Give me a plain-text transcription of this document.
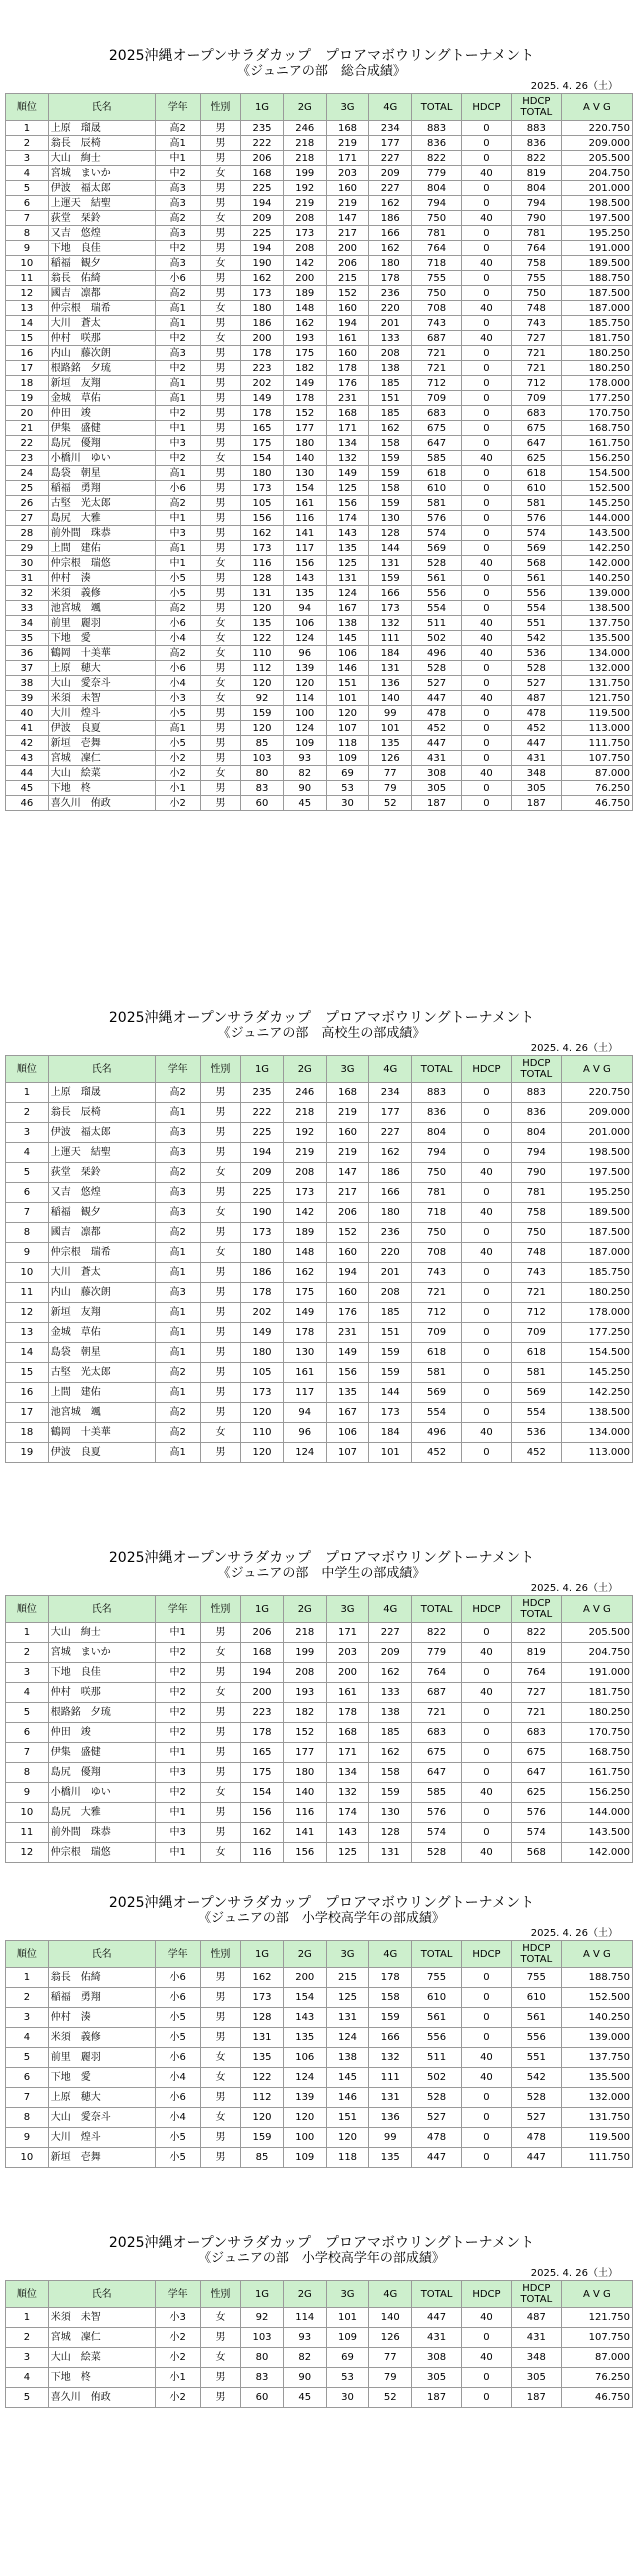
2025沖縄オープンサラダカップ　プロアマボウリングトーナメント
《ジュニアの部　総合成績》
2025. 4. 26（土）
順位	氏名	学年	性別	1G	2G	3G	4G	TOTAL	HDCP	HDCP TOTAL	A V G
1	上原　瑠晟	高2	男	235	246	168	234	883	0	883	220.750
2	翁長　辰椅	高1	男	222	218	219	177	836	0	836	209.000
3	大山　絢士	中1	男	206	218	171	227	822	0	822	205.500
4	宮城　まいか	中2	女	168	199	203	209	779	40	819	204.750
5	伊波　福太郎	高3	男	225	192	160	227	804	0	804	201.000
6	上運天　結聖	高3	男	194	219	219	162	794	0	794	198.500
7	荻堂　栞鈴	高2	女	209	208	147	186	750	40	790	197.500
8	又吉　悠煌	高3	男	225	173	217	166	781	0	781	195.250
9	下地　良佳	中2	男	194	208	200	162	764	0	764	191.000
10	稲福　観夕	高3	女	190	142	206	180	718	40	758	189.500
11	翁長　佑綺	小6	男	162	200	215	178	755	0	755	188.750
12	國吉　凛都	高2	男	173	189	152	236	750	0	750	187.500
13	仲宗根　瑞希	高1	女	180	148	160	220	708	40	748	187.000
14	大川　蒼太	高1	男	186	162	194	201	743	0	743	185.750
15	仲村　咲那	中2	女	200	193	161	133	687	40	727	181.750
16	内山　藤次朗	高3	男	178	175	160	208	721	0	721	180.250
17	根路銘　夕琉	中2	男	223	182	178	138	721	0	721	180.250
18	新垣　友翔	高1	男	202	149	176	185	712	0	712	178.000
19	金城　草佑	高1	男	149	178	231	151	709	0	709	177.250
20	仲田　竣	中2	男	178	152	168	185	683	0	683	170.750
21	伊集　盛健	中1	男	165	177	171	162	675	0	675	168.750
22	島尻　優翔	中3	男	175	180	134	158	647	0	647	161.750
23	小橋川　ゆい	中2	女	154	140	132	159	585	40	625	156.250
24	島袋　朝星	高1	男	180	130	149	159	618	0	618	154.500
25	稲福　勇翔	小6	男	173	154	125	158	610	0	610	152.500
26	古堅　光太郎	高2	男	105	161	156	159	581	0	581	145.250
27	島尻　大雅	中1	男	156	116	174	130	576	0	576	144.000
28	前外間　珠恭	中3	男	162	141	143	128	574	0	574	143.500
29	上間　建佑	高1	男	173	117	135	144	569	0	569	142.250
30	仲宗根　瑞悠	中1	女	116	156	125	131	528	40	568	142.000
31	仲村　湊	小5	男	128	143	131	159	561	0	561	140.250
32	米須　義修	小5	男	131	135	124	166	556	0	556	139.000
33	池宮城　颯	高2	男	120	94	167	173	554	0	554	138.500
34	前里　麗羽	小6	女	135	106	138	132	511	40	551	137.750
35	下地　愛	小4	女	122	124	145	111	502	40	542	135.500
36	鶴岡　十美華	高2	女	110	96	106	184	496	40	536	134.000
37	上原　穂大	小6	男	112	139	146	131	528	0	528	132.000
38	大山　愛奈斗	小4	女	120	120	151	136	527	0	527	131.750
39	米須　未智	小3	女	92	114	101	140	447	40	487	121.750
40	大川　煌斗	小5	男	159	100	120	99	478	0	478	119.500
41	伊波　良夏	高1	男	120	124	107	101	452	0	452	113.000
42	新垣　壱舞	小5	男	85	109	118	135	447	0	447	111.750
43	宮城　凜仁	小2	男	103	93	109	126	431	0	431	107.750
44	大山　絵菜	小2	女	80	82	69	77	308	40	348	87.000
45	下地　柊	小1	男	83	90	53	79	305	0	305	76.250
46	喜久川　侑政	小2	男	60	45	30	52	187	0	187	46.750
2025沖縄オープンサラダカップ　プロアマボウリングトーナメント
《ジュニアの部　高校生の部成績》
2025. 4. 26（土）
順位	氏名	学年	性別	1G	2G	3G	4G	TOTAL	HDCP	HDCP TOTAL	A V G
1	上原　瑠晟	高2	男	235	246	168	234	883	0	883	220.750
2	翁長　辰椅	高1	男	222	218	219	177	836	0	836	209.000
3	伊波　福太郎	高3	男	225	192	160	227	804	0	804	201.000
4	上運天　結聖	高3	男	194	219	219	162	794	0	794	198.500
5	荻堂　栞鈴	高2	女	209	208	147	186	750	40	790	197.500
6	又吉　悠煌	高3	男	225	173	217	166	781	0	781	195.250
7	稲福　観夕	高3	女	190	142	206	180	718	40	758	189.500
8	國吉　凛都	高2	男	173	189	152	236	750	0	750	187.500
9	仲宗根　瑞希	高1	女	180	148	160	220	708	40	748	187.000
10	大川　蒼太	高1	男	186	162	194	201	743	0	743	185.750
11	内山　藤次朗	高3	男	178	175	160	208	721	0	721	180.250
12	新垣　友翔	高1	男	202	149	176	185	712	0	712	178.000
13	金城　草佑	高1	男	149	178	231	151	709	0	709	177.250
14	島袋　朝星	高1	男	180	130	149	159	618	0	618	154.500
15	古堅　光太郎	高2	男	105	161	156	159	581	0	581	145.250
16	上間　建佑	高1	男	173	117	135	144	569	0	569	142.250
17	池宮城　颯	高2	男	120	94	167	173	554	0	554	138.500
18	鶴岡　十美華	高2	女	110	96	106	184	496	40	536	134.000
19	伊波　良夏	高1	男	120	124	107	101	452	0	452	113.000
2025沖縄オープンサラダカップ　プロアマボウリングトーナメント
《ジュニアの部　中学生の部成績》
2025. 4. 26（土）
順位	氏名	学年	性別	1G	2G	3G	4G	TOTAL	HDCP	HDCP TOTAL	A V G
1	大山　絢士	中1	男	206	218	171	227	822	0	822	205.500
2	宮城　まいか	中2	女	168	199	203	209	779	40	819	204.750
3	下地　良佳	中2	男	194	208	200	162	764	0	764	191.000
4	仲村　咲那	中2	女	200	193	161	133	687	40	727	181.750
5	根路銘　夕琉	中2	男	223	182	178	138	721	0	721	180.250
6	仲田　竣	中2	男	178	152	168	185	683	0	683	170.750
7	伊集　盛健	中1	男	165	177	171	162	675	0	675	168.750
8	島尻　優翔	中3	男	175	180	134	158	647	0	647	161.750
9	小橋川　ゆい	中2	女	154	140	132	159	585	40	625	156.250
10	島尻　大雅	中1	男	156	116	174	130	576	0	576	144.000
11	前外間　珠恭	中3	男	162	141	143	128	574	0	574	143.500
12	仲宗根　瑞悠	中1	女	116	156	125	131	528	40	568	142.000
2025沖縄オープンサラダカップ　プロアマボウリングトーナメント
《ジュニアの部　小学校高学年の部成績》
2025. 4. 26（土）
順位	氏名	学年	性別	1G	2G	3G	4G	TOTAL	HDCP	HDCP TOTAL	A V G
1	翁長　佑綺	小6	男	162	200	215	178	755	0	755	188.750
2	稲福　勇翔	小6	男	173	154	125	158	610	0	610	152.500
3	仲村　湊	小5	男	128	143	131	159	561	0	561	140.250
4	米須　義修	小5	男	131	135	124	166	556	0	556	139.000
5	前里　麗羽	小6	女	135	106	138	132	511	40	551	137.750
6	下地　愛	小4	女	122	124	145	111	502	40	542	135.500
7	上原　穂大	小6	男	112	139	146	131	528	0	528	132.000
8	大山　愛奈斗	小4	女	120	120	151	136	527	0	527	131.750
9	大川　煌斗	小5	男	159	100	120	99	478	0	478	119.500
10	新垣　壱舞	小5	男	85	109	118	135	447	0	447	111.750
2025沖縄オープンサラダカップ　プロアマボウリングトーナメント
《ジュニアの部　小学校高学年の部成績》
2025. 4. 26（土）
順位	氏名	学年	性別	1G	2G	3G	4G	TOTAL	HDCP	HDCP TOTAL	A V G
1	米須　未智	小3	女	92	114	101	140	447	40	487	121.750
2	宮城　凜仁	小2	男	103	93	109	126	431	0	431	107.750
3	大山　絵菜	小2	女	80	82	69	77	308	40	348	87.000
4	下地　柊	小1	男	83	90	53	79	305	0	305	76.250
5	喜久川　侑政	小2	男	60	45	30	52	187	0	187	46.750
